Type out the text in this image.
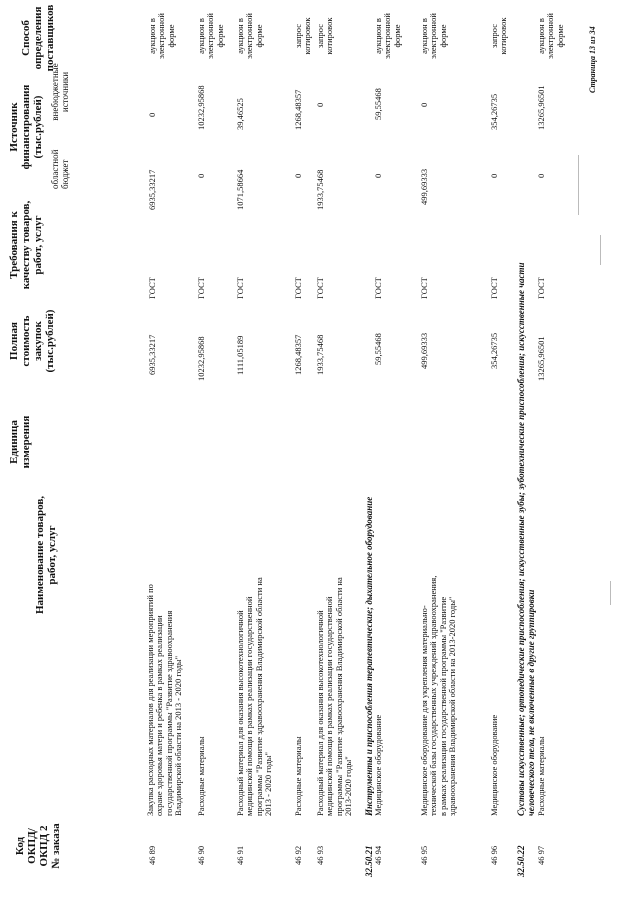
Код ОКПД/ ОКПД 2 № заказа
Наименование товаров, работ, услуг
Единица измерения
Полная стоимость закупок (тыс.рублей)
Требования к качеству товаров, работ, услуг
Источник финансирования (тыс.рублей)
областной бюджет
внебюджетные источники
Способ определения поставщиков
46 89
Закупка расходных материалов для реализации мероприятий по охране здоровья матери и ребенка в рамках реализации государственной программы "Развитие здравоохранения Владимирской области на 2013 - 2020 годы"
6935,33217
ГОСТ
6935,33217
0
аукцион в электронной форме
46 90
Расходные материалы
10232,95868
ГОСТ
0
10232,95868
аукцион в электронной форме
46 91
Расходный материал для оказания высокотехнологичной медицинской помощи в рамках реализации государственной программы "Развитие здравоохранения Владимирской области на 2013 - 2020 годы"
1111,05189
ГОСТ
1071,58664
39,46525
аукцион в электронной форме
46 92
Расходные материалы
1268,48357
ГОСТ
0
1268,48357
запрос котировок
46 93
Расходный материал для оказания высокотехнологичной медицинской помощи в рамках реализации государственной программы "Развитие здравоохранения Владимирской области на 2013-2020 годы"
1933,75468
ГОСТ
1933,75468
0
запрос котировок
32.50.21
Инструменты и приспособления терапевтические; дыхательное оборудование
46 94
Медицинское оборудование
59,55468
ГОСТ
0
59,55468
аукцион в электронной форме
46 95
Медицинское оборудование для укрепления материально- технической базы государственных учреждений здравоохранения, в рамках реализации государственной программы "Развитие здравоохранения Владимирской области на 2013-2020 годы"
499,69333
ГОСТ
499,69333
0
аукцион в электронной форме
46 96
Медицинское оборудование
354,26735
ГОСТ
0
354,26735
запрос котировок
32.50.22
Суставы искусственные; ортопедические приспособления; искусственные зубы; зуботехнические приспособления; искусственные части человеческого тела, не включенные в другие группировки
46 97
Расходные материалы
13265,96501
ГОСТ
0
13265,96501
аукцион в электронной форме	Страница 13 из 34
